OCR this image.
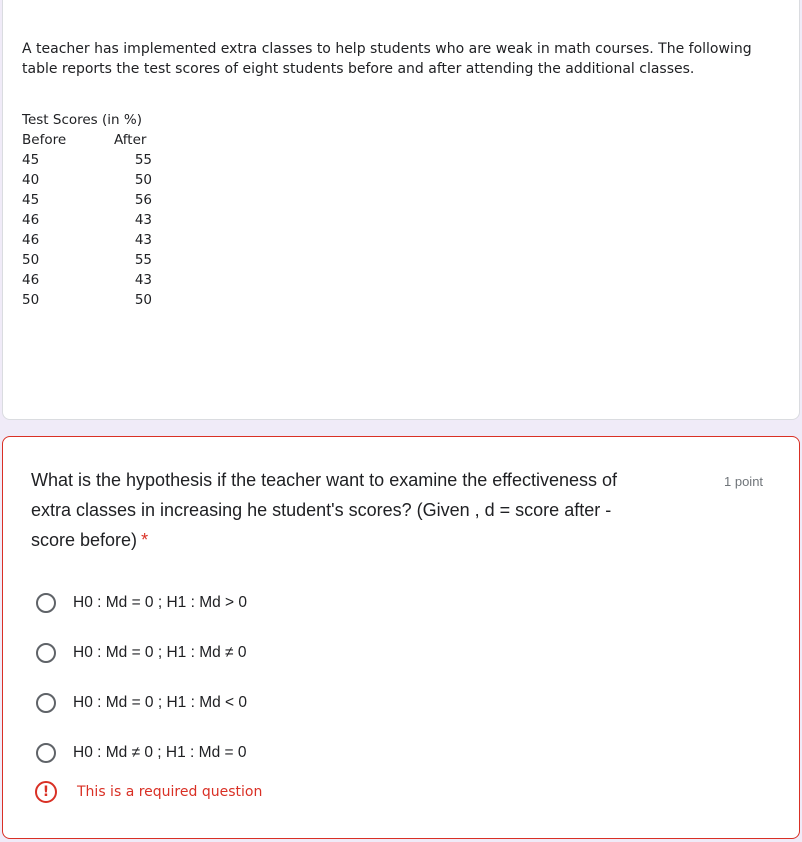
A teacher has implemented extra classes to help students who are weak in math courses. The following

table reports the test scores of eight students before and after attending the additional classes.

Test Scores (in %)
Before	After
45	55
40	50
45	56
46	43
46	43
50	55
46	43
50	50
What is the hypothesis if the teacher want to examine the effectiveness of
extra classes in increasing he student's scores? (Given , d = score after -
score before) *
1 point
H0 : Md = 0 ; H1 : Md > 0
H0 : Md = 0 ; H1 : Md ≠ 0
H0 : Md = 0 ; H1 : Md < 0
H0 : Md ≠ 0 ; H1 : Md = 0
!	This is a required question
